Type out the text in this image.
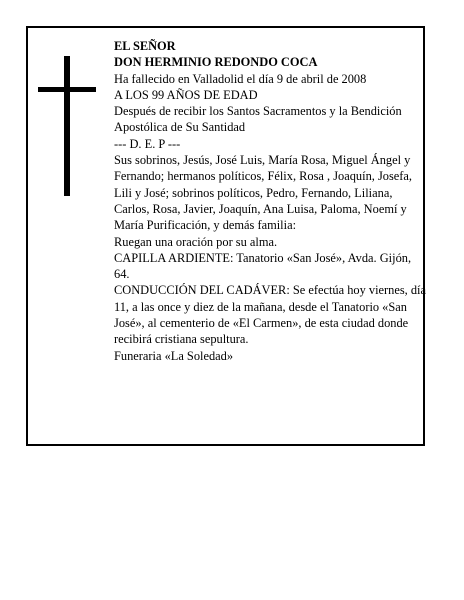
EL SEÑOR

DON HERMINIO REDONDO COCA

Ha fallecido en Valladolid el día 9 de abril de 2008

A LOS 99 AÑOS DE EDAD

Después de recibir los Santos Sacramentos y la Bendición Apostólica de Su Santidad

--- D. E. P ---

Sus sobrinos, Jesús, José Luis, María Rosa, Miguel Ángel y Fernando; hermanos políticos, Félix, Rosa , Joaquín, Josefa, Lili y José; sobrinos políticos, Pedro, Fernando, Liliana, Carlos, Rosa, Javier, Joaquín, Ana Luisa, Paloma, Noemí y María Purificación, y demás familia:

Ruegan una oración por su alma.

CAPILLA ARDIENTE: Tanatorio «San José», Avda. Gijón, 64.

CONDUCCIÓN DEL CADÁVER: Se efectúa hoy viernes, día 11, a las once y diez de la mañana, desde el Tanatorio «San José», al cementerio de «El Carmen», de esta ciudad donde recibirá cristiana sepultura.

Funeraria «La Soledad»
